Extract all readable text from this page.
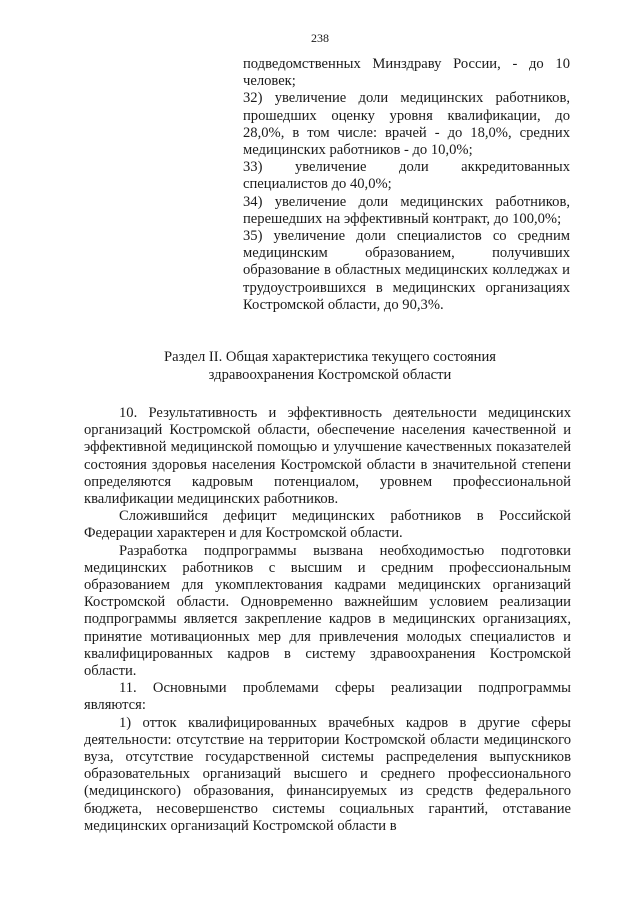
238

подведомственных Минздраву России, - до 10 человек;

32) увеличение доли медицинских работников, прошедших оценку уровня квалификации, до 28,0%, в том числе: врачей - до 18,0%, средних медицинских работников - до 10,0%;

33) увеличение доли аккредитованных специалистов до 40,0%;

34) увеличение доли медицинских работников, перешедших на эффективный контракт, до 100,0%;

35) увеличение доли специалистов со средним медицинским образованием, получивших образование в областных медицинских колледжах и трудоустроившихся в медицинских организациях Костромской области, до 90,3%.

Раздел II. Общая характеристика текущего состояния
здравоохранения Костромской области

10. Результативность и эффективность деятельности медицинских организаций Костромской области, обеспечение населения качественной и эффективной медицинской помощью и улучшение качественных показателей состояния здоровья населения Костромской области в значительной степени определяются кадровым потенциалом, уровнем профессиональной квалификации медицинских работников.

Сложившийся дефицит медицинских работников в Российской Федерации характерен и для Костромской области.

Разработка подпрограммы вызвана необходимостью подготовки медицинских работников с высшим и средним профессиональным образованием для укомплектования кадрами медицинских организаций Костромской области. Одновременно важнейшим условием реализации подпрограммы является закрепление кадров в медицинских организациях, принятие мотивационных мер для привлечения молодых специалистов и квалифицированных кадров в систему здравоохранения Костромской области.

11. Основными проблемами сферы реализации подпрограммы являются:

1) отток квалифицированных врачебных кадров в другие сферы деятельности: отсутствие на территории Костромской области медицинского вуза, отсутствие государственной системы распределения выпускников образовательных организаций высшего и среднего профессионального (медицинского) образования, финансируемых из средств федерального бюджета, несовершенство системы социальных гарантий, отставание медицинских организаций Костромской области в
